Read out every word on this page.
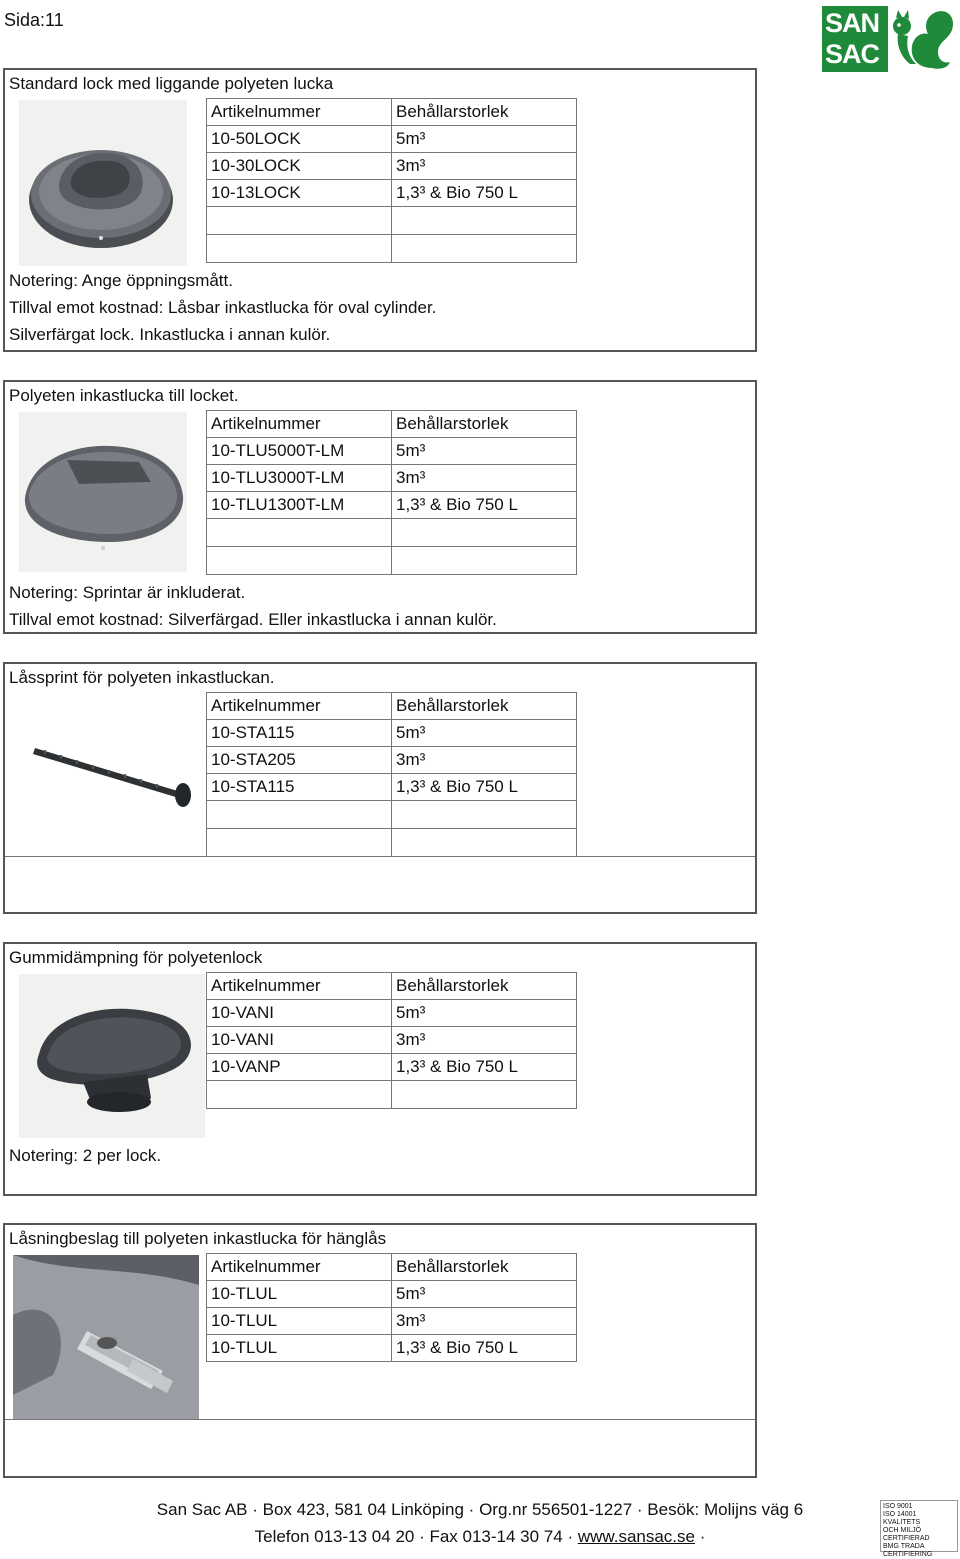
Sida:11	SAN
SAC
Standard lock med liggande polyeten lucka
Artikelnummer	Behållarstorlek
10-50LOCK	5m³
10-30LOCK	3m³
10-13LOCK	1,3³ & Bio 750 L

Notering: Ange öppningsmått.
Tillval emot kostnad: Låsbar inkastlucka för oval cylinder.
Silverfärgat lock. Inkastlucka i annan kulör.
Polyeten inkastlucka till locket.
Artikelnummer	Behållarstorlek
10-TLU5000T-LM	5m³
10-TLU3000T-LM	3m³
10-TLU1300T-LM	1,3³ & Bio 750 L

Notering: Sprintar är inkluderat.
Tillval emot kostnad: Silverfärgad. Eller inkastlucka i annan kulör.
Låssprint för polyeten inkastluckan.
Artikelnummer	Behållarstorlek
10-STA115	5m³
10-STA205	3m³
10-STA115	1,3³ & Bio 750 L

Gummidämpning för polyetenlock
Artikelnummer	Behållarstorlek
10-VANI	5m³
10-VANI	3m³
10-VANP	1,3³ & Bio 750 L

Notering: 2 per lock.
Låsningbeslag till polyeten inkastlucka för hänglås
Artikelnummer	Behållarstorlek
10-TLUL	5m³
10-TLUL	3m³
10-TLUL	1,3³ & Bio 750 L
San Sac AB · Box 423, 581 04 Linköping · Org.nr 556501-1227 · Besök: Molijns väg 6
Telefon 013-13 04 20 · Fax 013-14 30 74 · www.sansac.se ·
ISO 9001
ISO 14001
KVALITETS
OCH MILJÖ
CERTIFIERAD
BMG TRADA CERTIFIERING
